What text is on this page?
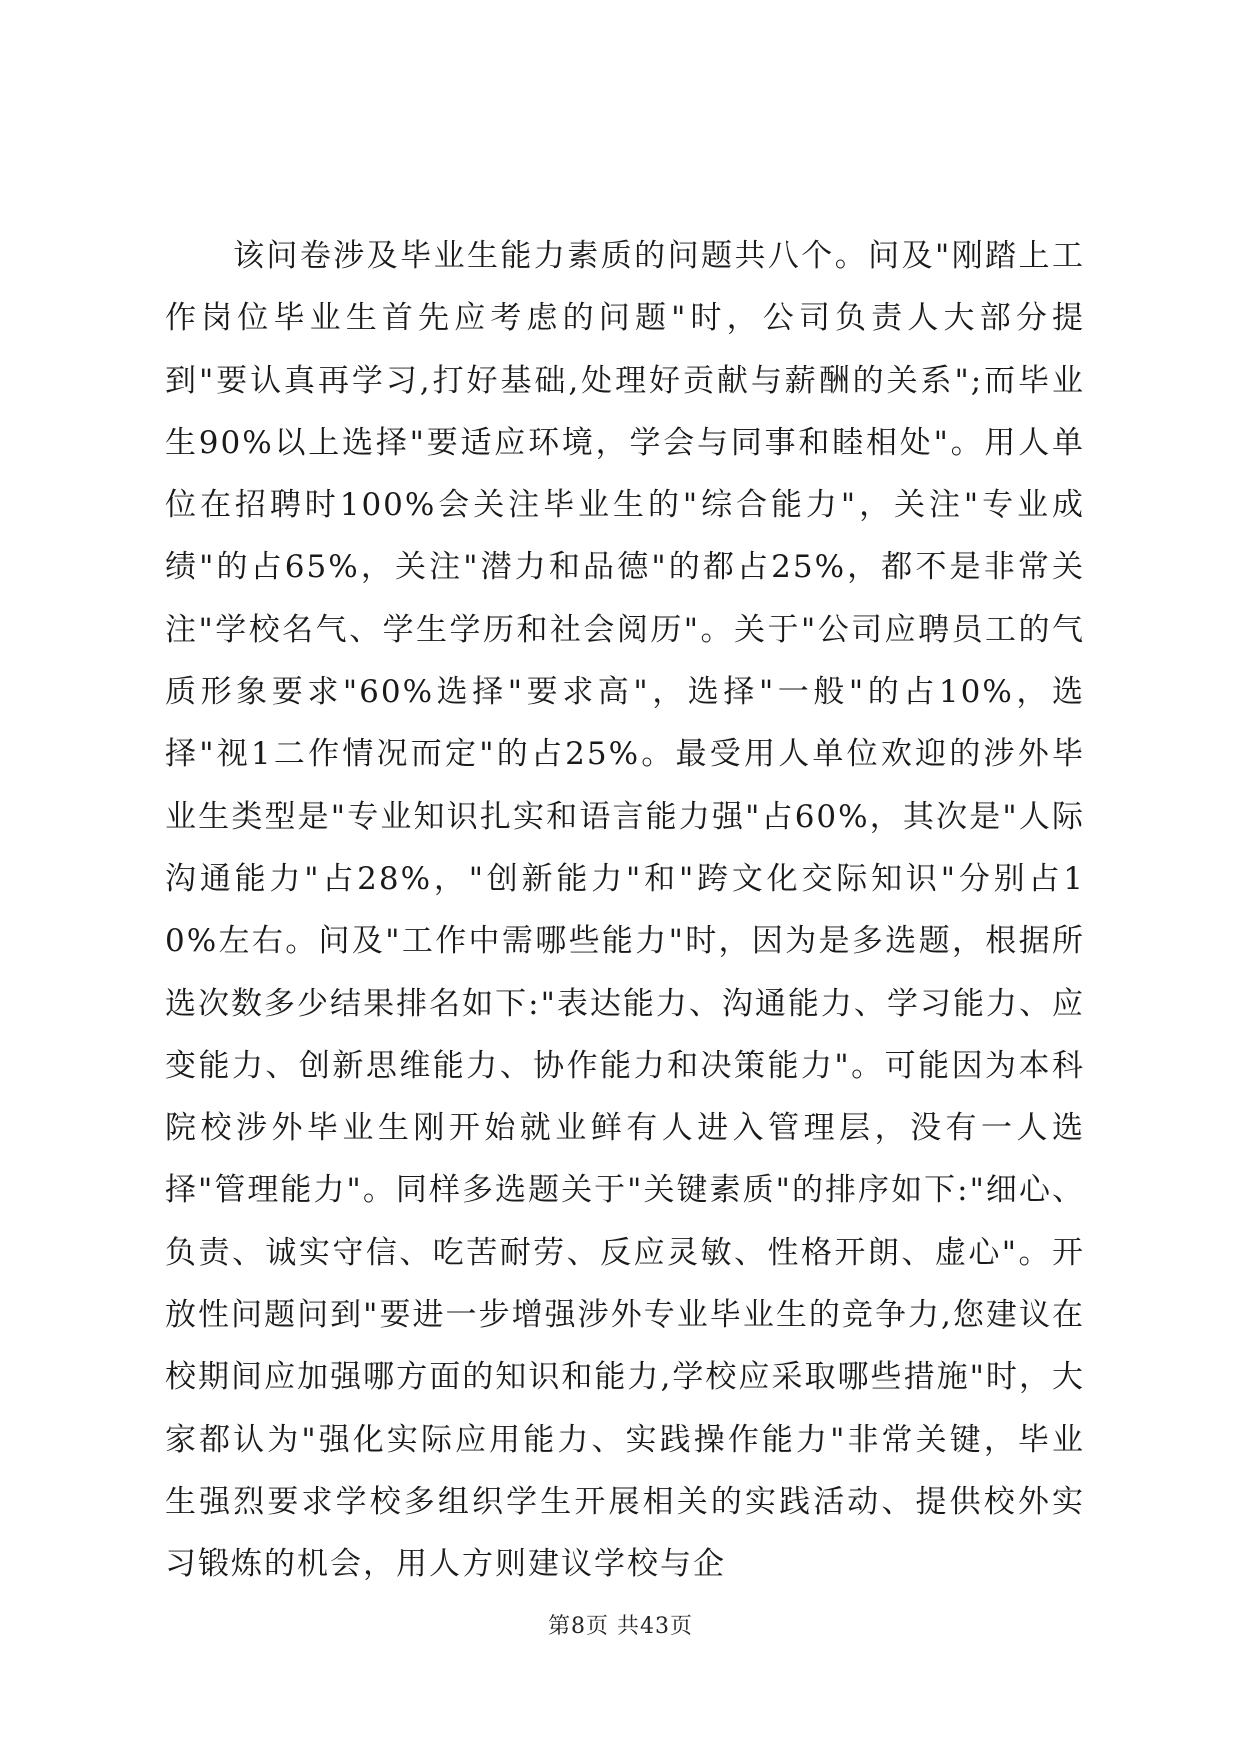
该问卷涉及毕业生能力素质的问题共八个。问及"刚踏上工作岗位毕业生首先应考虑的问题"时，公司负责人大部分提到"要认真再学习,打好基础,处理好贡献与薪酬的关系";而毕业生90%以上选择"要适应环境，学会与同事和睦相处"。用人单位在招聘时100%会关注毕业生的"综合能力"，关注"专业成绩"的占65%，关注"潜力和品德"的都占25%，都不是非常关注"学校名气、学生学历和社会阅历"。关于"公司应聘员工的气质形象要求"60%选择"要求高"，选择"一般"的占10%，选择"视1二作情况而定"的占25%。最受用人单位欢迎的涉外毕业生类型是"专业知识扎实和语言能力强"占60%，其次是"人际沟通能力"占28%，"创新能力"和"跨文化交际知识"分别占10%左右。问及"工作中需哪些能力"时，因为是多选题，根据所选次数多少结果排名如下:"表达能力、沟通能力、学习能力、应变能力、创新思维能力、协作能力和决策能力"。可能因为本科院校涉外毕业生刚开始就业鲜有人进入管理层，没有一人选择"管理能力"。同样多选题关于"关键素质"的排序如下:"细心、负责、诚实守信、吃苦耐劳、反应灵敏、性格开朗、虚心"。开放性问题问到"要进一步增强涉外专业毕业生的竞争力,您建议在校期间应加强哪方面的知识和能力,学校应采取哪些措施"时，大家都认为"强化实际应用能力、实践操作能力"非常关键，毕业生强烈要求学校多组织学生开展相关的实践活动、提供校外实习锻炼的机会，用人方则建议学校与企

第8页 共43页
